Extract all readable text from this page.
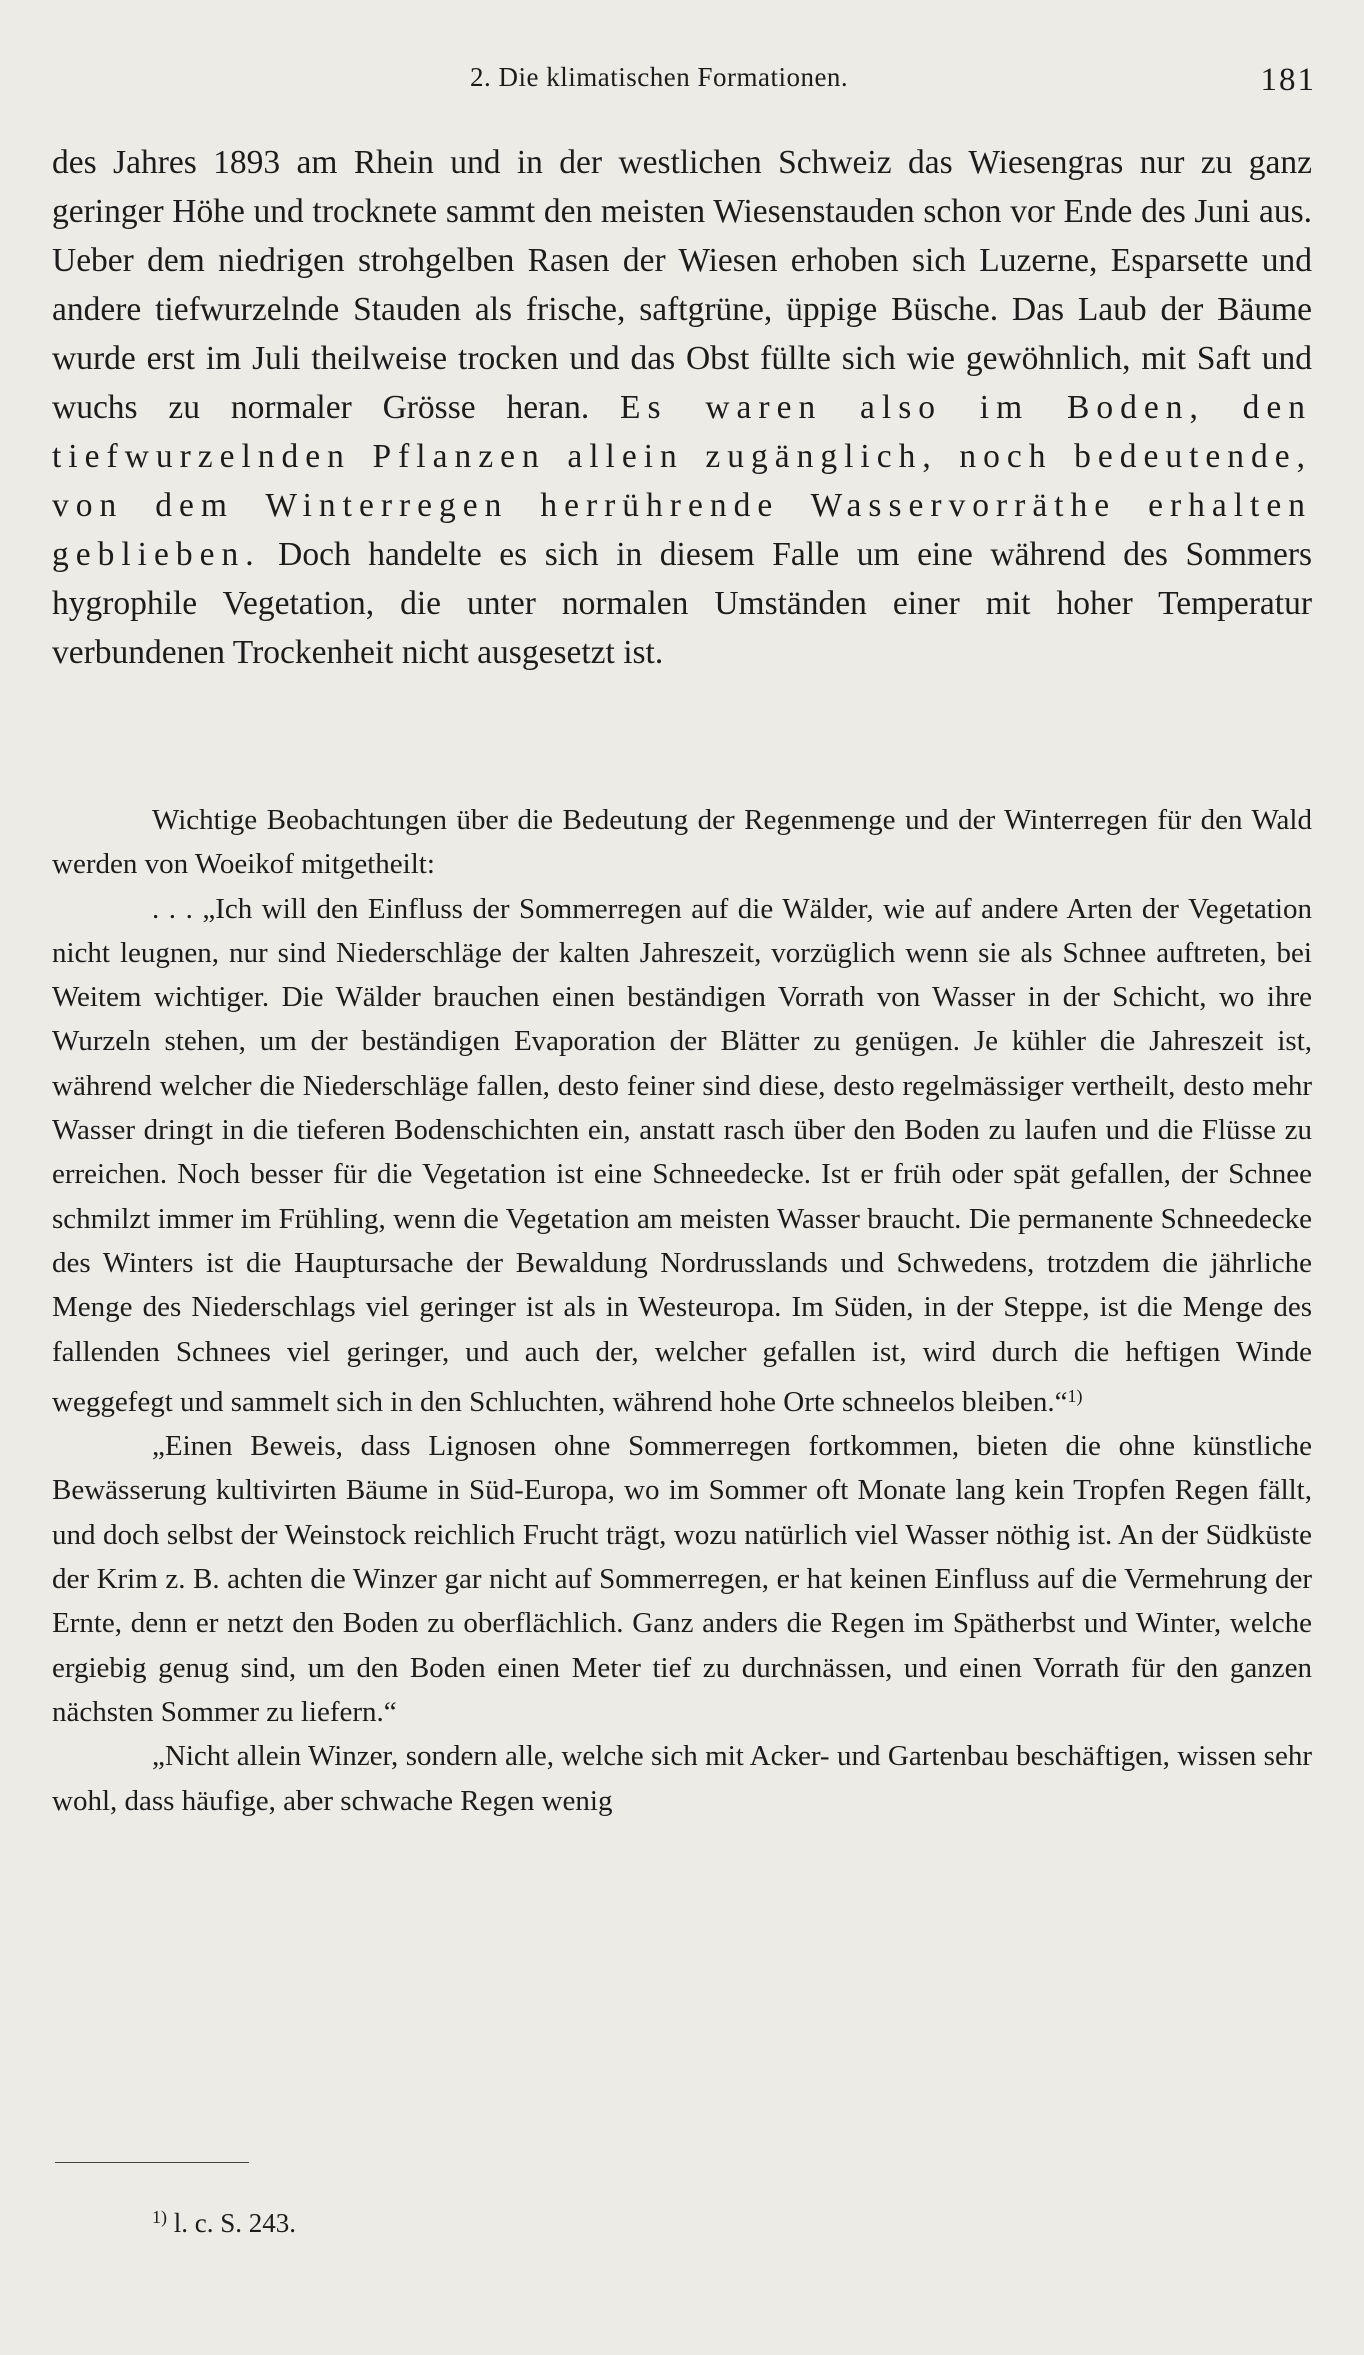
2. Die klimatischen Formationen.	181

des Jahres 1893 am Rhein und in der westlichen Schweiz das Wiesengras nur zu ganz geringer Höhe und trocknete sammt den meisten Wiesenstauden schon vor Ende des Juni aus. Ueber dem niedrigen strohgelben Rasen der Wiesen erhoben sich Luzerne, Esparsette und andere tiefwurzelnde Stauden als frische, saftgrüne, üppige Büsche. Das Laub der Bäume wurde erst im Juli theilweise trocken und das Obst füllte sich wie gewöhnlich, mit Saft und wuchs zu normaler Grösse heran. Es waren also im Boden, den tiefwurzelnden Pflanzen allein zugänglich, noch bedeutende, von dem Winterregen herrührende Wasservorräthe erhalten geblieben. Doch handelte es sich in diesem Falle um eine während des Sommers hygrophile Vegetation, die unter normalen Umständen einer mit hoher Temperatur verbundenen Trockenheit nicht ausgesetzt ist.

Wichtige Beobachtungen über die Bedeutung der Regenmenge und der Winterregen für den Wald werden von Woeikof mitgetheilt:

. . . „Ich will den Einfluss der Sommerregen auf die Wälder, wie auf andere Arten der Vegetation nicht leugnen, nur sind Niederschläge der kalten Jahreszeit, vorzüglich wenn sie als Schnee auftreten, bei Weitem wichtiger. Die Wälder brauchen einen beständigen Vorrath von Wasser in der Schicht, wo ihre Wurzeln stehen, um der beständigen Evaporation der Blätter zu genügen. Je kühler die Jahreszeit ist, während welcher die Niederschläge fallen, desto feiner sind diese, desto regelmässiger vertheilt, desto mehr Wasser dringt in die tieferen Bodenschichten ein, anstatt rasch über den Boden zu laufen und die Flüsse zu erreichen. Noch besser für die Vegetation ist eine Schneedecke. Ist er früh oder spät gefallen, der Schnee schmilzt immer im Frühling, wenn die Vegetation am meisten Wasser braucht. Die permanente Schneedecke des Winters ist die Hauptursache der Bewaldung Nordrusslands und Schwedens, trotzdem die jährliche Menge des Niederschlags viel geringer ist als in Westeuropa. Im Süden, in der Steppe, ist die Menge des fallenden Schnees viel geringer, und auch der, welcher gefallen ist, wird durch die heftigen Winde weggefegt und sammelt sich in den Schluchten, während hohe Orte schneelos bleiben.“$^{1)}$

„Einen Beweis, dass Lignosen ohne Sommerregen fortkommen, bieten die ohne künstliche Bewässerung kultivirten Bäume in Süd-Europa, wo im Sommer oft Monate lang kein Tropfen Regen fällt, und doch selbst der Weinstock reichlich Frucht trägt, wozu natürlich viel Wasser nöthig ist. An der Südküste der Krim z. B. achten die Winzer gar nicht auf Sommerregen, er hat keinen Einfluss auf die Vermehrung der Ernte, denn er netzt den Boden zu oberflächlich. Ganz anders die Regen im Spätherbst und Winter, welche ergiebig genug sind, um den Boden einen Meter tief zu durchnässen, und einen Vorrath für den ganzen nächsten Sommer zu liefern.“

„Nicht allein Winzer, sondern alle, welche sich mit Acker- und Gartenbau beschäftigen, wissen sehr wohl, dass häufige, aber schwache Regen wenig

$^{1)}$ l. c. S. 243.
